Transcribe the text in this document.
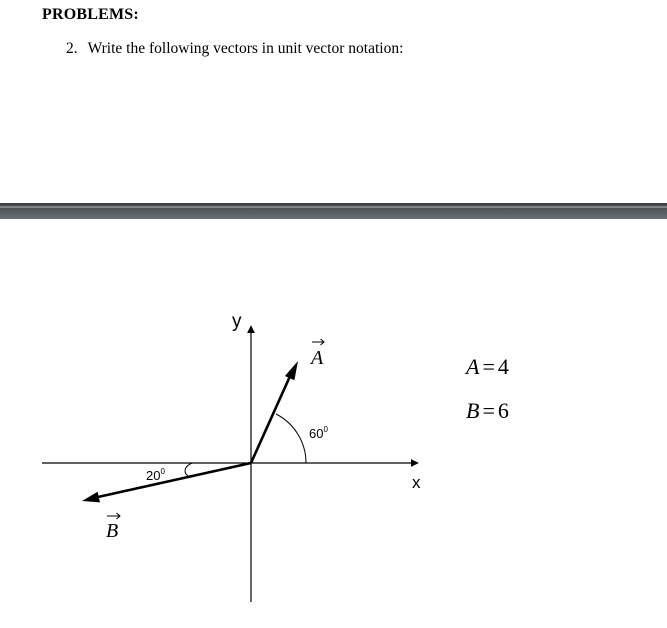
PROBLEMS:
2. Write the following vectors in unit vector notation:
x
y
$60^0$
$20^0$
A
B
A = 4
B = 6
